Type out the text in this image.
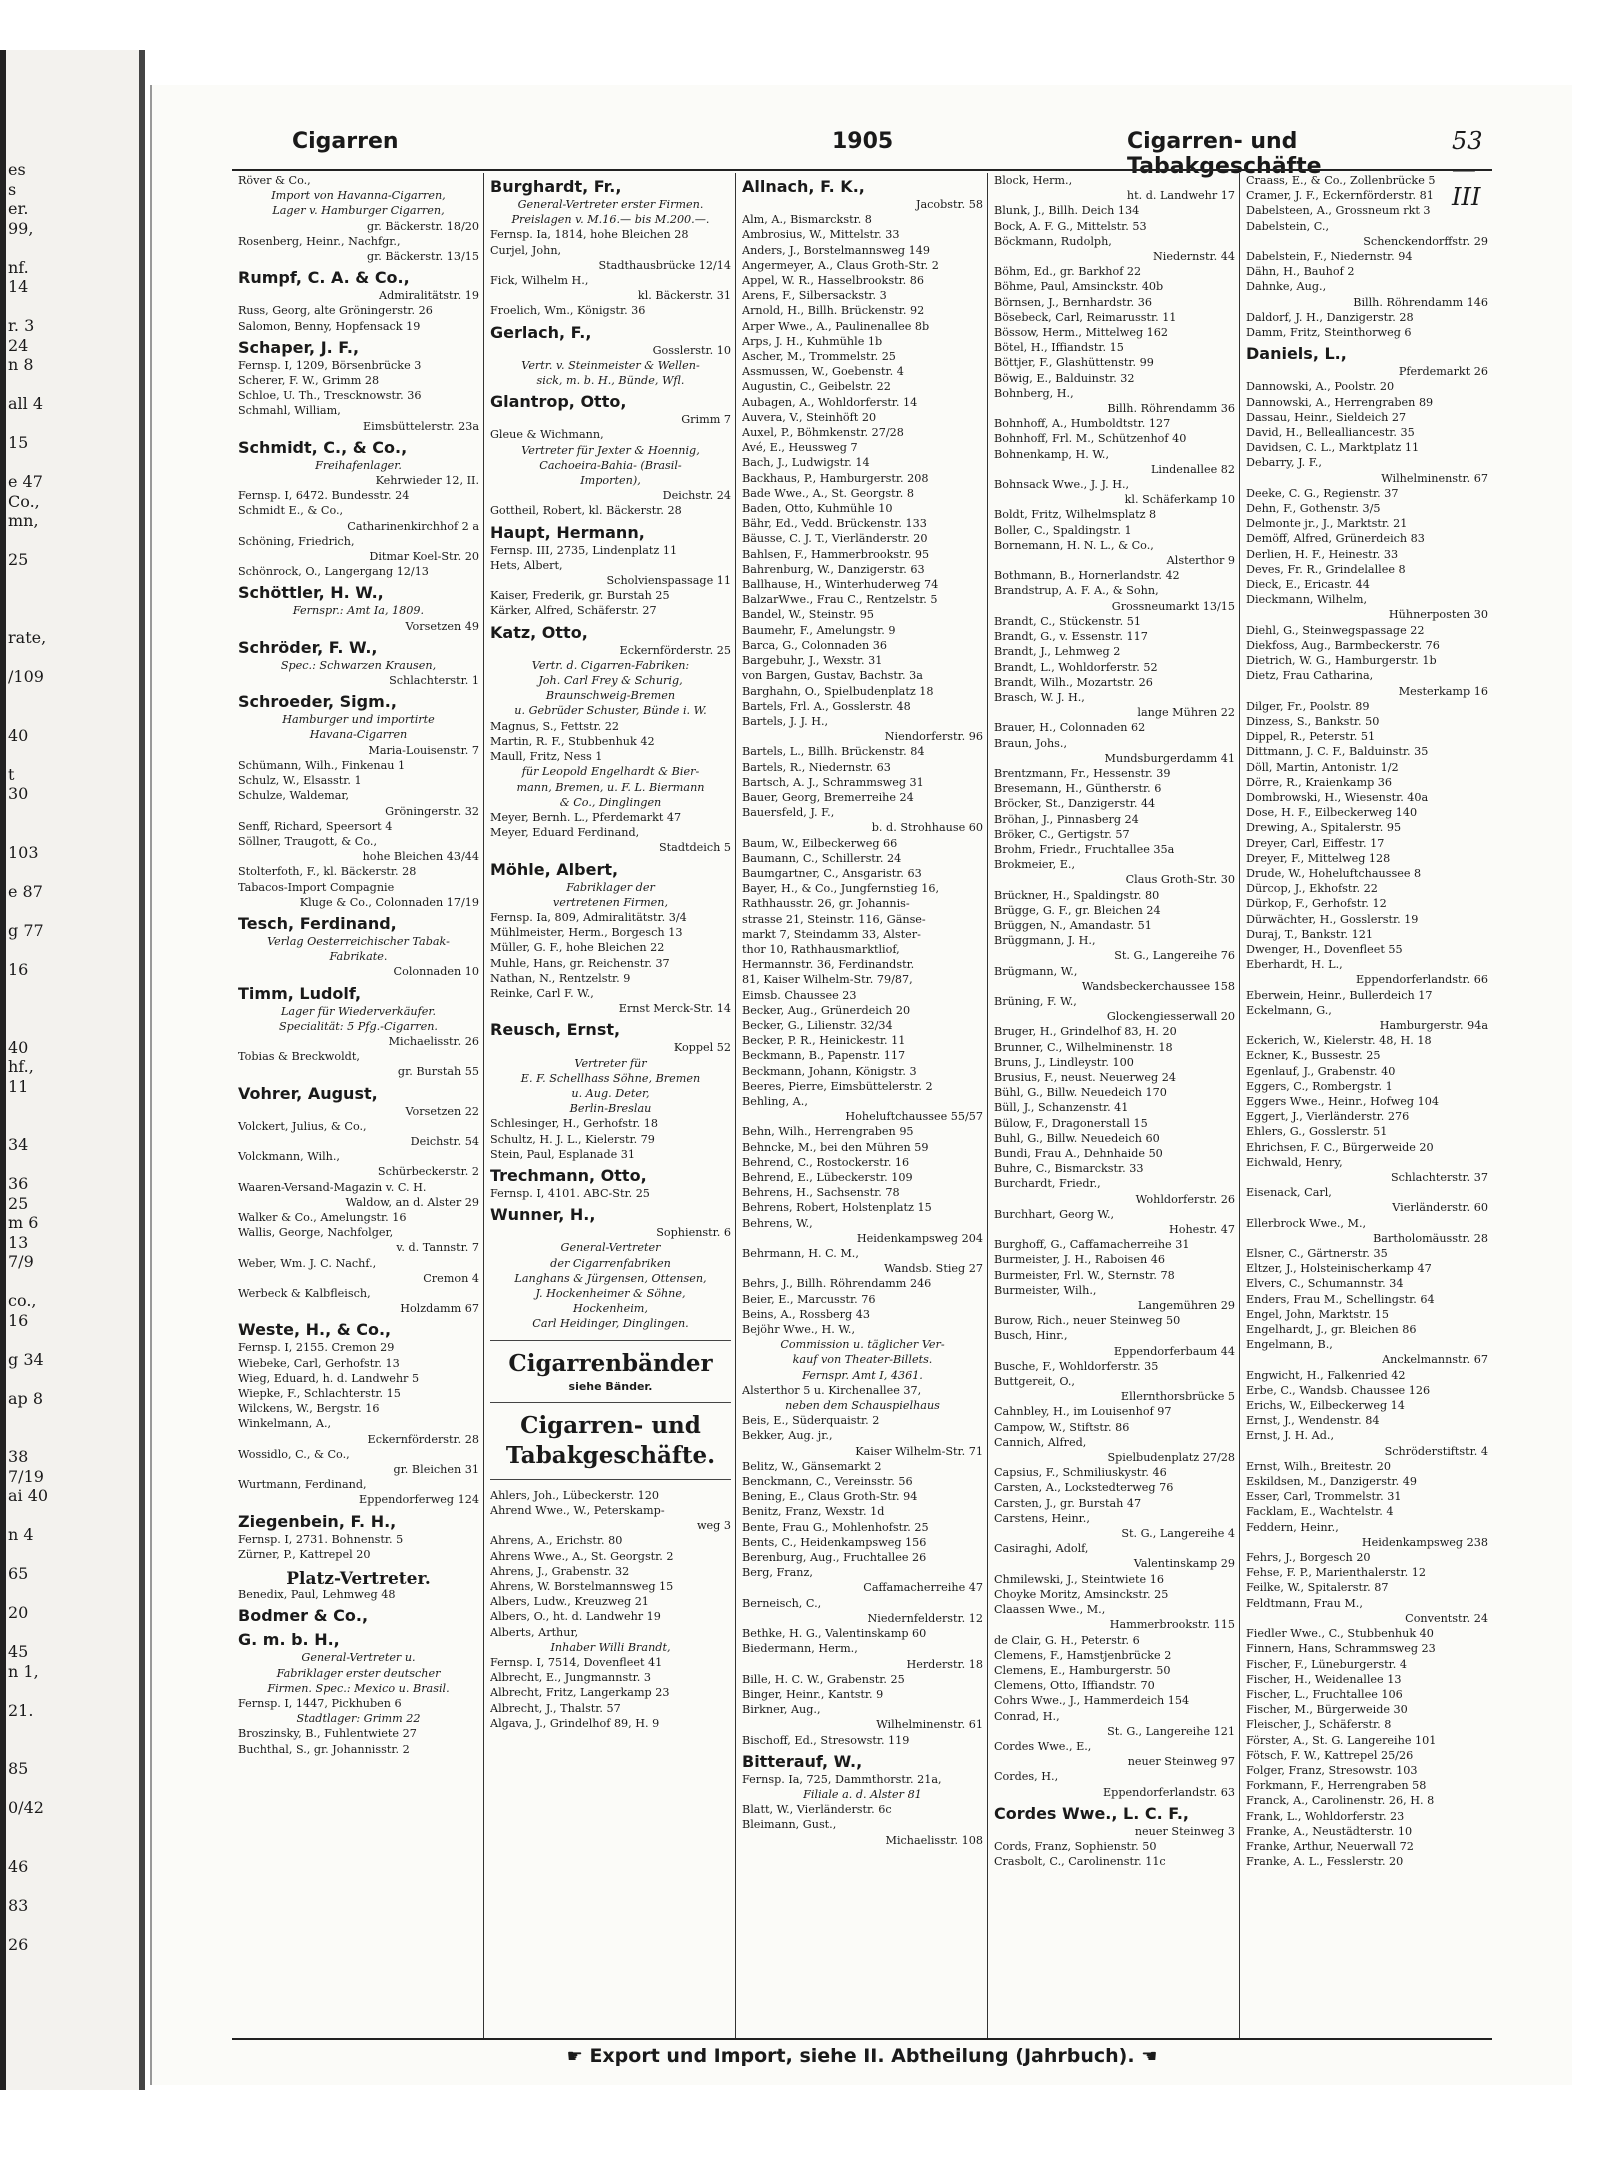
es
s
er.
99,

nf.
14

r. 3
24
n 8

all 4

15

e 47
Co.,
mn,

25

rate,

/109

40

t
30

103

e 87

g 77

16

40
hf.,
11

34

36
25
m 6
13
7/9

co.,
16

g 34

ap 8

38
7/19
ai 40

n 4

65

20

45
n 1,

21.

85

0/42

46

83

26
Cigarren	1905	Cigarren- und Tabakgeschäfte
53—III
Röver & Co.,
Import von Havanna-Cigarren,
Lager v. Hamburger Cigarren,
gr. Bäckerstr. 18/20
Rosenberg, Heinr., Nachfgr.,
gr. Bäckerstr. 13/15
Rumpf, C. A. & Co.,
Admiralitätstr. 19
Russ, Georg, alte Gröningerstr. 26
Salomon, Benny, Hopfensack 19
Schaper, J. F.,
Fernsp. I, 1209, Börsenbrücke 3
Scherer, F. W., Grimm 28
Schloe, U. Th., Trescknowstr. 36
Schmahl, William,
Eimsbüttelerstr. 23a
Schmidt, C., & Co.,
Freihafenlager.
Kehrwieder 12, II.
Fernsp. I, 6472. Bundesstr. 24
Schmidt E., & Co.,
Catharinenkirchhof 2 a
Schöning, Friedrich,
Ditmar Koel-Str. 20
Schönrock, O., Langergang 12/13
Schöttler, H. W.,
Fernspr.: Amt Ia, 1809.
Vorsetzen 49
Schröder, F. W.,
Spec.: Schwarzen Krausen,
Schlachterstr. 1
Schroeder, Sigm.,
Hamburger und importirte
Havana-Cigarren
Maria-Louisenstr. 7
Schümann, Wilh., Finkenau 1
Schulz, W., Elsasstr. 1
Schulze, Waldemar,
Gröningerstr. 32
Senff, Richard, Speersort 4
Söllner, Traugott, & Co.,
hohe Bleichen 43/44
Stolterfoth, F., kl. Bäckerstr. 28
Tabacos-Import Compagnie
Kluge & Co., Colonnaden 17/19
Tesch, Ferdinand,
Verlag Oesterreichischer Tabak-
Fabrikate.
Colonnaden 10
Timm, Ludolf,
Lager für Wiederverkäufer.
Specialität: 5 Pfg.-Cigarren.
Michaelisstr. 26
Tobias & Breckwoldt,
gr. Burstah 55
Vohrer, August,
Vorsetzen 22
Volckert, Julius, & Co.,
Deichstr. 54
Volckmann, Wilh.,
Schürbeckerstr. 2
Waaren-Versand-Magazin v. C. H.
Waldow, an d. Alster 29
Walker & Co., Amelungstr. 16
Wallis, George, Nachfolger,
v. d. Tannstr. 7
Weber, Wm. J. C. Nachf.,
Cremon 4
Werbeck & Kalbfleisch,
Holzdamm 67
Weste, H., & Co.,
Fernsp. I, 2155. Cremon 29
Wiebeke, Carl, Gerhofstr. 13
Wieg, Eduard, h. d. Landwehr 5
Wiepke, F., Schlachterstr. 15
Wilckens, W., Bergstr. 16
Winkelmann, A.,
Eckernförderstr. 28
Wossidlo, C., & Co.,
gr. Bleichen 31
Wurtmann, Ferdinand,
Eppendorferweg 124
Ziegenbein, F. H.,
Fernsp. I, 2731. Bohnenstr. 5
Zürner, P., Kattrepel 20
Platz-Vertreter.
Benedix, Paul, Lehmweg 48
Bodmer & Co.,
G. m. b. H.,
General-Vertreter u.
Fabriklager erster deutscher
Firmen. Spec.: Mexico u. Brasil.
Fernsp. I, 1447, Pickhuben 6
Stadtlager: Grimm 22
Broszinsky, B., Fuhlentwiete 27
Buchthal, S., gr. Johannisstr. 2
Burghardt, Fr.,
General-Vertreter erster Firmen.
Preislagen v. M.16.— bis M.200.—.
Fernsp. Ia, 1814, hohe Bleichen 28
Curjel, John,
Stadthausbrücke 12/14
Fick, Wilhelm H.,
kl. Bäckerstr. 31
Froelich, Wm., Königstr. 36
Gerlach, F.,
Gosslerstr. 10
Vertr. v. Steinmeister & Wellen-
sick, m. b. H., Bünde, Wfl.
Glantrop, Otto,
Grimm 7
Gleue & Wichmann,
Vertreter für Jexter & Hoennig,
Cachoeira-Bahia- (Brasil-
Importen),
Deichstr. 24
Gottheil, Robert, kl. Bäckerstr. 28
Haupt, Hermann,
Fernsp. III, 2735, Lindenplatz 11
Hets, Albert,
Scholvienspassage 11
Kaiser, Frederik, gr. Burstah 25
Kärker, Alfred, Schäferstr. 27
Katz, Otto,
Eckernförderstr. 25
Vertr. d. Cigarren-Fabriken:
Joh. Carl Frey & Schurig,
Braunschweig-Bremen
u. Gebrüder Schuster, Bünde i. W.
Magnus, S., Fettstr. 22
Martin, R. F., Stubbenhuk 42
Maull, Fritz, Ness 1
für Leopold Engelhardt & Bier-
mann, Bremen, u. F. L. Biermann
& Co., Dinglingen
Meyer, Bernh. L., Pferdemarkt 47
Meyer, Eduard Ferdinand,
Stadtdeich 5
Möhle, Albert,
Fabriklager der
vertretenen Firmen,
Fernsp. Ia, 809, Admiralitätstr. 3/4
Mühlmeister, Herm., Borgesch 13
Müller, G. F., hohe Bleichen 22
Muhle, Hans, gr. Reichenstr. 37
Nathan, N., Rentzelstr. 9
Reinke, Carl F. W.,
Ernst Merck-Str. 14
Reusch, Ernst,
Koppel 52
Vertreter für
E. F. Schellhass Söhne, Bremen
u. Aug. Deter,
Berlin-Breslau
Schlesinger, H., Gerhofstr. 18
Schultz, H. J. L., Kielerstr. 79
Stein, Paul, Esplanade 31
Trechmann, Otto,
Fernsp. I, 4101. ABC-Str. 25
Wunner, H.,
Sophienstr. 6
General-Vertreter
der Cigarrenfabriken
Langhans & Jürgensen, Ottensen,
J. Hockenheimer & Söhne,
Hockenheim,
Carl Heidinger, Dinglingen.
Cigarrenbänder
siehe Bänder.
Cigarren- und
Tabakgeschäfte.
Ahlers, Joh., Lübeckerstr. 120
Ahrend Wwe., W., Peterskamp-
weg 3
Ahrens, A., Erichstr. 80
Ahrens Wwe., A., St. Georgstr. 2
Ahrens, J., Grabenstr. 32
Ahrens, W. Borstelmannsweg 15
Albers, Ludw., Kreuzweg 21
Albers, O., ht. d. Landwehr 19
Alberts, Arthur,
Inhaber Willi Brandt,
Fernsp. I, 7514, Dovenfleet 41
Albrecht, E., Jungmannstr. 3
Albrecht, Fritz, Langerkamp 23
Albrecht, J., Thalstr. 57
Algava, J., Grindelhof 89, H. 9
Allnach, F. K.,
Jacobstr. 58
Alm, A., Bismarckstr. 8
Ambrosius, W., Mittelstr. 33
Anders, J., Borstelmannsweg 149
Angermeyer, A., Claus Groth-Str. 2
Appel, W. R., Hasselbrookstr. 86
Arens, F., Silbersackstr. 3
Arnold, H., Billh. Brückenstr. 92
Arper Wwe., A., Paulinenallee 8b
Arps, J. H., Kuhmühle 1b
Ascher, M., Trommelstr. 25
Assmussen, W., Goebenstr. 4
Augustin, C., Geibelstr. 22
Aubagen, A., Wohldorferstr. 14
Auvera, V., Steinhöft 20
Auxel, P., Böhmkenstr. 27/28
Avé, E., Heussweg 7
Bach, J., Ludwigstr. 14
Backhaus, P., Hamburgerstr. 208
Bade Wwe., A., St. Georgstr. 8
Baden, Otto, Kuhmühle 10
Bähr, Ed., Vedd. Brückenstr. 133
Bäusse, C. J. T., Vierländerstr. 20
Bahlsen, F., Hammerbrookstr. 95
Bahrenburg, W., Danzigerstr. 63
Ballhause, H., Winterhuderweg 74
BalzarWwe., Frau C., Rentzelstr. 5
Bandel, W., Steinstr. 95
Baumehr, F., Amelungstr. 9
Barca, G., Colonnaden 36
Bargebuhr, J., Wexstr. 31
von Bargen, Gustav, Bachstr. 3a
Barghahn, O., Spielbudenplatz 18
Bartels, Frl. A., Gosslerstr. 48
Bartels, J. J. H.,
Niendorferstr. 96
Bartels, L., Billh. Brückenstr. 84
Bartels, R., Niedernstr. 63
Bartsch, A. J., Schrammsweg 31
Bauer, Georg, Bremerreihe 24
Bauersfeld, J. F.,
b. d. Strohhause 60
Baum, W., Eilbeckerweg 66
Baumann, C., Schillerstr. 24
Baumgartner, C., Ansgaristr. 63
Bayer, H., & Co., Jungfernstieg 16,
Rathhausstr. 26, gr. Johannis-
strasse 21, Steinstr. 116, Gänse-
markt 7, Steindamm 33, Alster-
thor 10, Rathhausmarktliof,
Hermannstr. 36, Ferdinandstr.
81, Kaiser Wilhelm-Str. 79/87,
Eimsb. Chaussee 23
Becker, Aug., Grünerdeich 20
Becker, G., Lilienstr. 32/34
Becker, P. R., Heinickestr. 11
Beckmann, B., Papenstr. 117
Beckmann, Johann, Königstr. 3
Beeres, Pierre, Eimsbüttelerstr. 2
Behling, A.,
Hoheluftchaussee 55/57
Behn, Wilh., Herrengraben 95
Behncke, M., bei den Mühren 59
Behrend, C., Rostockerstr. 16
Behrend, E., Lübeckerstr. 109
Behrens, H., Sachsenstr. 78
Behrens, Robert, Holstenplatz 15
Behrens, W.,
Heidenkampsweg 204
Behrmann, H. C. M.,
Wandsb. Stieg 27
Behrs, J., Billh. Röhrendamm 246
Beier, E., Marcusstr. 76
Beins, A., Rossberg 43
Bejöhr Wwe., H. W.,
Commission u. täglicher Ver-
kauf von Theater-Billets.
Fernspr. Amt I, 4361.
Alsterthor 5 u. Kirchenallee 37,
neben dem Schauspielhaus
Beis, E., Süderquaistr. 2
Bekker, Aug. jr.,
Kaiser Wilhelm-Str. 71
Belitz, W., Gänsemarkt 2
Benckmann, C., Vereinsstr. 56
Bening, E., Claus Groth-Str. 94
Benitz, Franz, Wexstr. 1d
Bente, Frau G., Mohlenhofstr. 25
Bents, C., Heidenkampsweg 156
Berenburg, Aug., Fruchtallee 26
Berg, Franz,
Caffamacherreihe 47
Berneisch, C.,
Niedernfelderstr. 12
Bethke, H. G., Valentinskamp 60
Biedermann, Herm.,
Herderstr. 18
Bille, H. C. W., Grabenstr. 25
Binger, Heinr., Kantstr. 9
Birkner, Aug.,
Wilhelminenstr. 61
Bischoff, Ed., Stresowstr. 119
Bitterauf, W.,
Fernsp. Ia, 725, Dammthorstr. 21a,
Filiale a. d. Alster 81
Blatt, W., Vierländerstr. 6c
Bleimann, Gust.,
Michaelisstr. 108
Block, Herm.,
ht. d. Landwehr 17
Blunk, J., Billh. Deich 134
Bock, A. F. G., Mittelstr. 53
Böckmann, Rudolph,
Niedernstr. 44
Böhm, Ed., gr. Barkhof 22
Böhme, Paul, Amsinckstr. 40b
Börnsen, J., Bernhardstr. 36
Bösebeck, Carl, Reimarusstr. 11
Bössow, Herm., Mittelweg 162
Bötel, H., Iffiandstr. 15
Böttjer, F., Glashüttenstr. 99
Böwig, E., Balduinstr. 32
Bohnberg, H.,
Billh. Röhrendamm 36
Bohnhoff, A., Humboldtstr. 127
Bohnhoff, Frl. M., Schützenhof 40
Bohnenkamp, H. W.,
Lindenallee 82
Bohnsack Wwe., J. J. H.,
kl. Schäferkamp 10
Boldt, Fritz, Wilhelmsplatz 8
Boller, C., Spaldingstr. 1
Bornemann, H. N. L., & Co.,
Alsterthor 9
Bothmann, B., Hornerlandstr. 42
Brandstrup, A. F. A., & Sohn,
Grossneumarkt 13/15
Brandt, C., Stückenstr. 51
Brandt, G., v. Essenstr. 117
Brandt, J., Lehmweg 2
Brandt, L., Wohldorferstr. 52
Brandt, Wilh., Mozartstr. 26
Brasch, W. J. H.,
lange Mühren 22
Brauer, H., Colonnaden 62
Braun, Johs.,
Mundsburgerdamm 41
Brentzmann, Fr., Hessenstr. 39
Bresemann, H., Güntherstr. 6
Bröcker, St., Danzigerstr. 44
Bröhan, J., Pinnasberg 24
Bröker, C., Gertigstr. 57
Brohm, Friedr., Fruchtallee 35a
Brokmeier, E.,
Claus Groth-Str. 30
Brückner, H., Spaldingstr. 80
Brügge, G. F., gr. Bleichen 24
Brüggen, N., Amandastr. 51
Brüggmann, J. H.,
St. G., Langereihe 76
Brügmann, W.,
Wandsbeckerchaussee 158
Brüning, F. W.,
Glockengiesserwall 20
Bruger, H., Grindelhof 83, H. 20
Brunner, C., Wilhelminenstr. 18
Bruns, J., Lindleystr. 100
Brusius, F., neust. Neuerweg 24
Bühl, G., Billw. Neuedeich 170
Büll, J., Schanzenstr. 41
Bülow, F., Dragonerstall 15
Buhl, G., Billw. Neuedeich 60
Bundi, Frau A., Dehnhaide 50
Buhre, C., Bismarckstr. 33
Burchardt, Friedr.,
Wohldorferstr. 26
Burchhart, Georg W.,
Hohestr. 47
Burghoff, G., Caffamacherreihe 31
Burmeister, J. H., Raboisen 46
Burmeister, Frl. W., Sternstr. 78
Burmeister, Wilh.,
Langemühren 29
Burow, Rich., neuer Steinweg 50
Busch, Hinr.,
Eppendorferbaum 44
Busche, F., Wohldorferstr. 35
Buttgereit, O.,
Ellernthorsbrücke 5
Cahnbley, H., im Louisenhof 97
Campow, W., Stiftstr. 86
Cannich, Alfred,
Spielbudenplatz 27/28
Capsius, F., Schmiliuskystr. 46
Carsten, A., Lockstedterweg 76
Carsten, J., gr. Burstah 47
Carstens, Heinr.,
St. G., Langereihe 4
Casiraghi, Adolf,
Valentinskamp 29
Chmilewski, J., Steintwiete 16
Choyke Moritz, Amsinckstr. 25
Claassen Wwe., M.,
Hammerbrookstr. 115
de Clair, G. H., Peterstr. 6
Clemens, F., Hamstjenbrücke 2
Clemens, E., Hamburgerstr. 50
Clemens, Otto, Iffiandstr. 70
Cohrs Wwe., J., Hammerdeich 154
Conrad, H.,
St. G., Langereihe 121
Cordes Wwe., E.,
neuer Steinweg 97
Cordes, H.,
Eppendorferlandstr. 63
Cordes Wwe., L. C. F.,
neuer Steinweg 3
Cords, Franz, Sophienstr. 50
Crasbolt, C., Carolinenstr. 11c
Craass, E., & Co., Zollenbrücke 5
Cramer, J. F., Eckernförderstr. 81
Dabelsteen, A., Grossneum rkt 3
Dabelstein, C.,
Schenckendorffstr. 29
Dabelstein, F., Niedernstr. 94
Dähn, H., Bauhof 2
Dahnke, Aug.,
Billh. Röhrendamm 146
Daldorf, J. H., Danzigerstr. 28
Damm, Fritz, Steinthorweg 6
Daniels, L.,
Pferdemarkt 26
Dannowski, A., Poolstr. 20
Dannowski, A., Herrengraben 89
Dassau, Heinr., Sieldeich 27
David, H., Bellealliancestr. 35
Davidsen, C. L., Marktplatz 11
Debarry, J. F.,
Wilhelminenstr. 67
Deeke, C. G., Regienstr. 37
Dehn, F., Gothenstr. 3/5
Delmonte jr., J., Marktstr. 21
Demöff, Alfred, Grünerdeich 83
Derlien, H. F., Heinestr. 33
Deves, Fr. R., Grindelallee 8
Dieck, E., Ericastr. 44
Dieckmann, Wilhelm,
Hühnerposten 30
Diehl, G., Steinwegspassage 22
Diekfoss, Aug., Barmbeckerstr. 76
Dietrich, W. G., Hamburgerstr. 1b
Dietz, Frau Catharina,
Mesterkamp 16
Dilger, Fr., Poolstr. 89
Dinzess, S., Bankstr. 50
Dippel, R., Peterstr. 51
Dittmann, J. C. F., Balduinstr. 35
Döll, Martin, Antonistr. 1/2
Dörre, R., Kraienkamp 36
Dombrowski, H., Wiesenstr. 40a
Dose, H. F., Eilbeckerweg 140
Drewing, A., Spitalerstr. 95
Dreyer, Carl, Eiffestr. 17
Dreyer, F., Mittelweg 128
Drude, W., Hoheluftchaussee 8
Dürcop, J., Ekhofstr. 22
Dürkop, F., Gerhofstr. 12
Dürwächter, H., Gosslerstr. 19
Duraj, T., Bankstr. 121
Dwenger, H., Dovenfleet 55
Eberhardt, H. L.,
Eppendorferlandstr. 66
Eberwein, Heinr., Bullerdeich 17
Eckelmann, G.,
Hamburgerstr. 94a
Eckerich, W., Kielerstr. 48, H. 18
Eckner, K., Bussestr. 25
Egenlauf, J., Grabenstr. 40
Eggers, C., Rombergstr. 1
Eggers Wwe., Heinr., Hofweg 104
Eggert, J., Vierländerstr. 276
Ehlers, G., Gosslerstr. 51
Ehrichsen, F. C., Bürgerweide 20
Eichwald, Henry,
Schlachterstr. 37
Eisenack, Carl,
Vierländerstr. 60
Ellerbrock Wwe., M.,
Bartholomäusstr. 28
Elsner, C., Gärtnerstr. 35
Eltzer, J., Holsteinischerkamp 47
Elvers, C., Schumannstr. 34
Enders, Frau M., Schellingstr. 64
Engel, John, Marktstr. 15
Engelhardt, J., gr. Bleichen 86
Engelmann, B.,
Anckelmannstr. 67
Engwicht, H., Falkenried 42
Erbe, C., Wandsb. Chaussee 126
Erichs, W., Eilbeckerweg 14
Ernst, J., Wendenstr. 84
Ernst, J. H. Ad.,
Schröderstiftstr. 4
Ernst, Wilh., Breitestr. 20
Eskildsen, M., Danzigerstr. 49
Esser, Carl, Trommelstr. 31
Facklam, E., Wachtelstr. 4
Feddern, Heinr.,
Heidenkampsweg 238
Fehrs, J., Borgesch 20
Fehse, F. P., Marienthalerstr. 12
Feilke, W., Spitalerstr. 87
Feldtmann, Frau M.,
Conventstr. 24
Fiedler Wwe., C., Stubbenhuk 40
Finnern, Hans, Schrammsweg 23
Fischer, F., Lüneburgerstr. 4
Fischer, H., Weidenallee 13
Fischer, L., Fruchtallee 106
Fischer, M., Bürgerweide 30
Fleischer, J., Schäferstr. 8
Förster, A., St. G. Langereihe 101
Fötsch, F. W., Kattrepel 25/26
Folger, Franz, Stresowstr. 103
Forkmann, F., Herrengraben 58
Franck, A., Carolinenstr. 26, H. 8
Frank, L., Wohldorferstr. 23
Franke, A., Neustädterstr. 10
Franke, Arthur, Neuerwall 72
Franke, A. L., Fesslerstr. 20
☛ Export und Import, siehe II. Abtheilung (Jahrbuch). ☚
